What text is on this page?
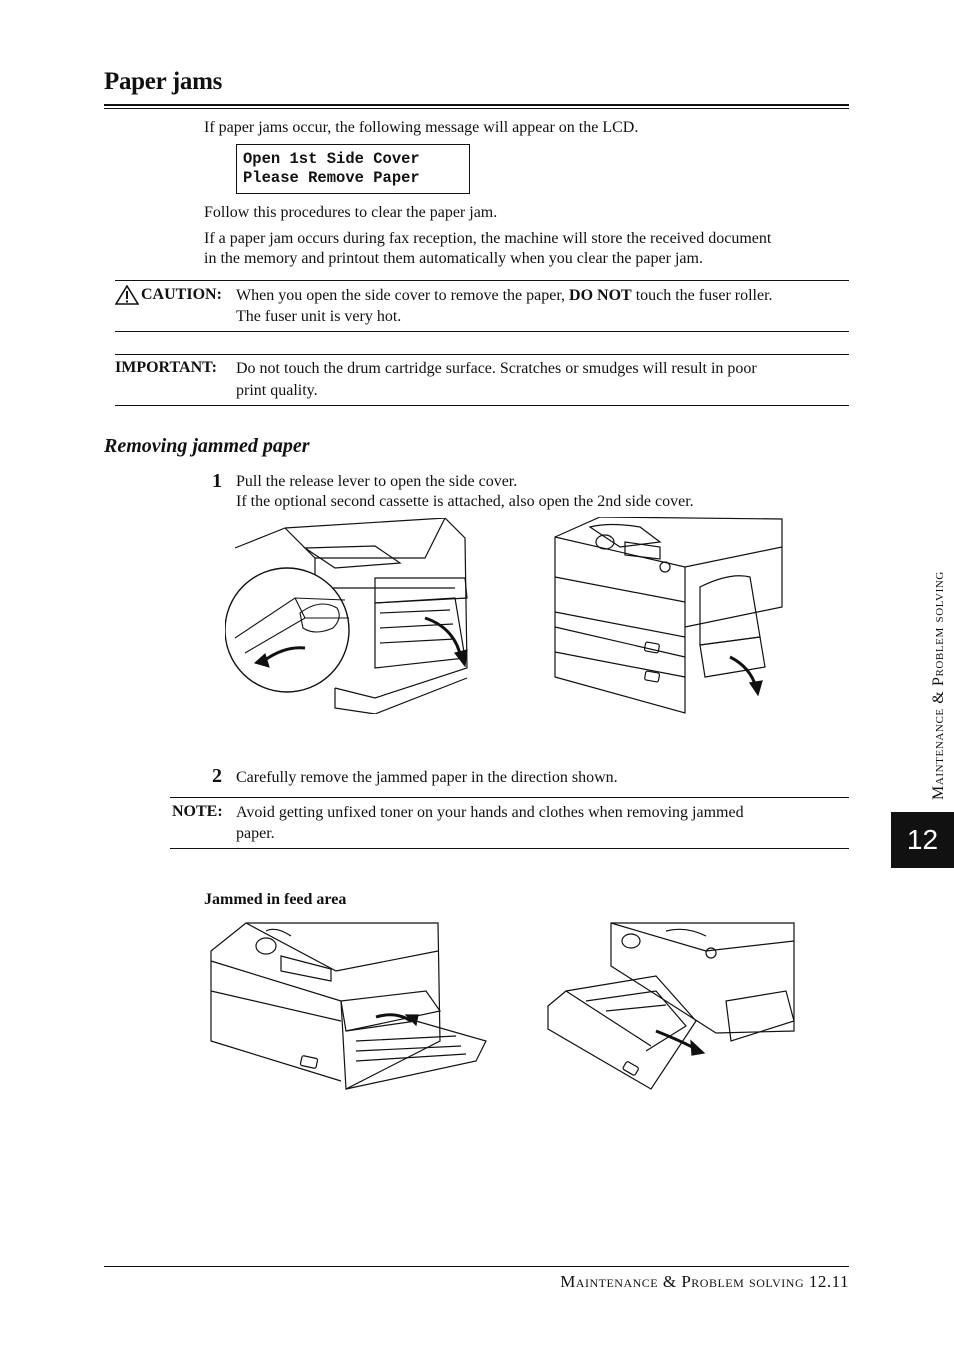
Paper jams
If paper jams occur, the following message will appear on the LCD.
Open 1st Side Cover
Please Remove Paper
Follow this procedures to clear the paper jam.
If a paper jam occurs during fax reception, the machine will store the received document
in the memory and printout them automatically when you clear the paper jam.
CAUTION: When you open the side cover to remove the paper, DO NOT touch the fuser roller.
The fuser unit is very hot.
IMPORTANT: Do not touch the drum cartridge surface. Scratches or smudges will result in poor
print quality.
Removing jammed paper
1 Pull the release lever to open the side cover.
If the optional second cassette is attached, also open the 2nd side cover.
2 Carefully remove the jammed paper in the direction shown.
NOTE: Avoid getting unfixed toner on your hands and clothes when removing jammed
paper.
Jammed in feed area
Maintenance & Problem solving
12
Maintenance & Problem solving 12.11
